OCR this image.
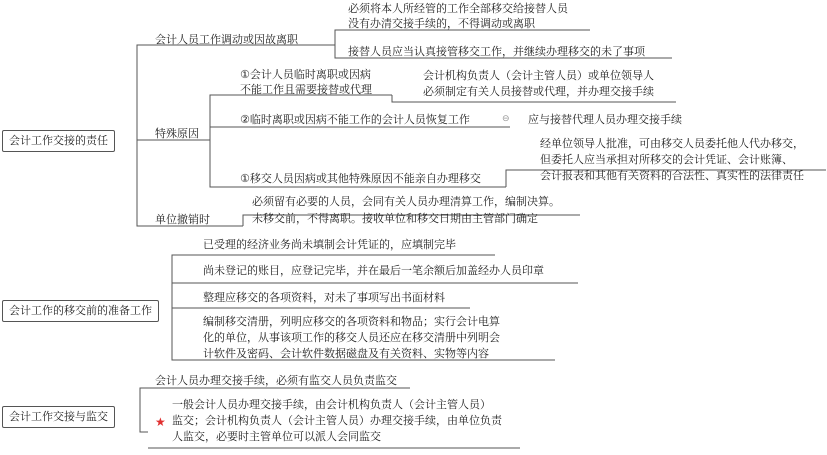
会计工作交接的责任
会计人员工作调动或因故离职
必须将本人所经管的工作全部移交给接替人员
没有办清交接手续的，不得调动或离职
接替人员应当认真接管移交工作，并继续办理移交的未了事项
特殊原因
①会计人员临时离职或因病
不能工作且需要接替或代理
会计机构负责人（会计主管人员）或单位领导人
必须制定有关人员接替或代理，并办理交接手续
②临时离职或因病不能工作的会计人员恢复工作	⊖ 应与接替代理人员办理交接手续
①移交人员因病或其他特殊原因不能亲自办理移交
经单位领导人批准，可由移交人员委托他人代办移交，
但委托人应当承担对所移交的会计凭证、会计账簿、
会计报表和其他有关资料的合法性、真实性的法律责任
单位撤销时
必须留有必要的人员，会同有关人员办理清算工作，编制决算。
未移交前，不得离职。接收单位和移交日期由主管部门确定
会计工作的移交前的准备工作
已受理的经济业务尚未填制会计凭证的，应填制完毕
尚未登记的账目，应登记完毕，并在最后一笔余额后加盖经办人员印章
整理应移交的各项资料，对未了事项写出书面材料
编制移交清册，列明应移交的各项资料和物品；实行会计电算
化的单位，从事该项工作的移交人员还应在移交清册中列明会
计软件及密码、会计软件数据磁盘及有关资料、实物等内容
会计工作交接与监交
会计人员办理交接手续，必须有监交人员负责监交
★
一般会计人员办理交接手续，由会计机构负责人（会计主管人员）
监交；会计机构负责人（会计主管人员）办理交接手续，由单位负责
人监交，必要时主管单位可以派人会同监交
